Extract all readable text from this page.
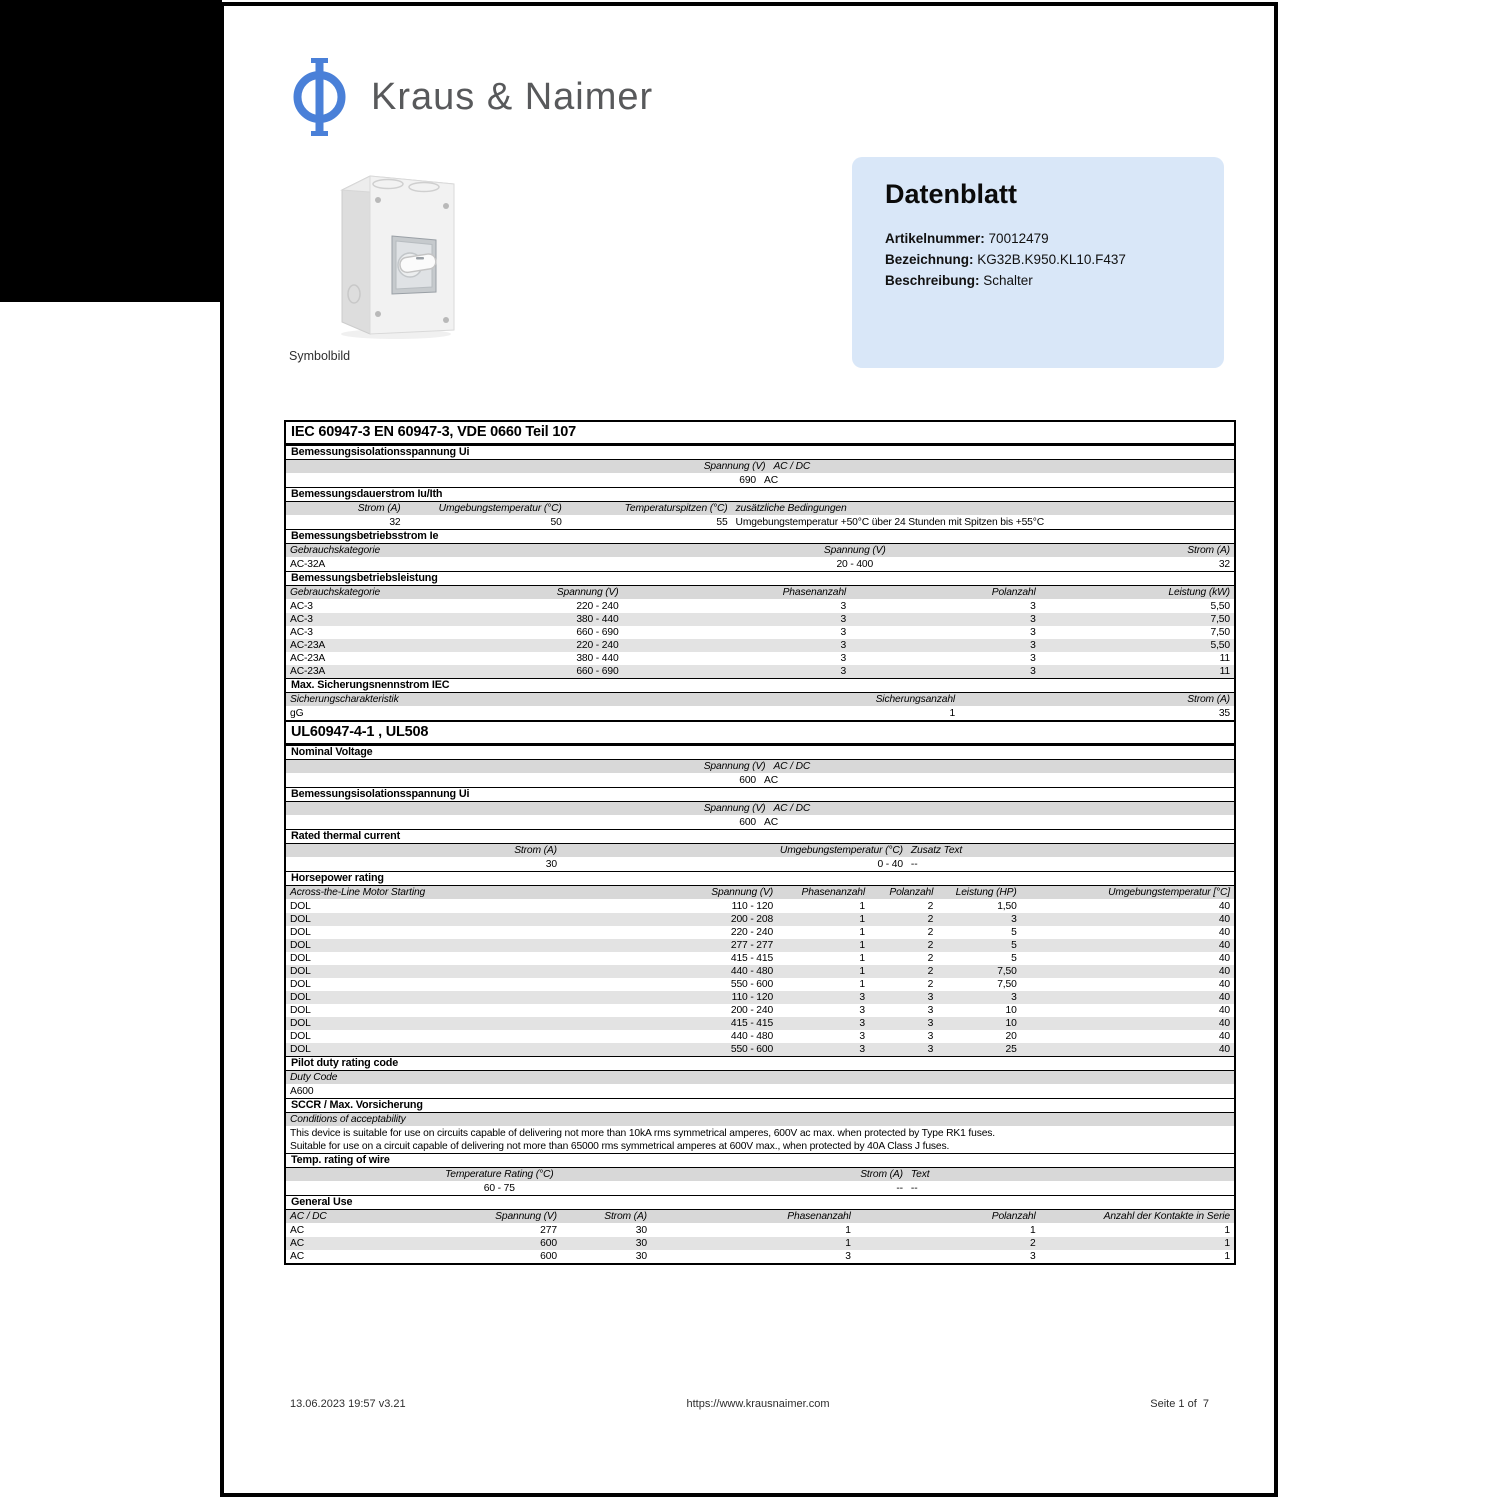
Kraus & Naimer
Symbolbild
Datenblatt
Artikelnummer: 70012479
Bezeichnung: KG32B.K950.KL10.F437
Beschreibung: Schalter
IEC 60947-3 EN 60947-3, VDE 0660 Teil 107
Bemessungsisolationsspannung Ui
Spannung (V) AC / DC
690 AC
Bemessungsdauerstrom Iu/Ith
Strom (A)	Umgebungstemperatur (°C)	Temperaturspitzen (°C) zusätzliche Bedingungen
32	50	55 Umgebungstemperatur +50°C über 24 Stunden mit Spitzen bis +55°C
Bemessungsbetriebsstrom Ie
Gebrauchskategorie	Spannung (V)	Strom (A)
AC-32A	20 - 400	32
Bemessungsbetriebsleistung
Gebrauchskategorie	Spannung (V)	Phasenanzahl	Polanzahl	Leistung (kW)
AC-3	220 - 240	3	3	5,50
AC-3	380 - 440	3	3	7,50
AC-3	660 - 690	3	3	7,50
AC-23A	220 - 240	3	3	5,50
AC-23A	380 - 440	3	3	11
AC-23A	660 - 690	3	3	11
Max. Sicherungsnennstrom IEC
Sicherungscharakteristik	Sicherungsanzahl	Strom (A)
gG	1	35
UL60947-4-1 , UL508
Nominal Voltage
Spannung (V) AC / DC
600 AC
Bemessungsisolationsspannung Ui
Spannung (V) AC / DC
600 AC
Rated thermal current
Strom (A)	Umgebungstemperatur (°C) Zusatz Text
30	0 - 40 --
Horsepower rating
Across-the-Line Motor Starting	Spannung (V)	Phasenanzahl	Polanzahl	Leistung (HP)	Umgebungstemperatur [°C]
DOL	110 - 120	1	2	1,50	40
DOL	200 - 208	1	2	3	40
DOL	220 - 240	1	2	5	40
DOL	277 - 277	1	2	5	40
DOL	415 - 415	1	2	5	40
DOL	440 - 480	1	2	7,50	40
DOL	550 - 600	1	2	7,50	40
DOL	110 - 120	3	3	3	40
DOL	200 - 240	3	3	10	40
DOL	415 - 415	3	3	10	40
DOL	440 - 480	3	3	20	40
DOL	550 - 600	3	3	25	40
Pilot duty rating code
Duty Code
A600
SCCR / Max. Vorsicherung
Conditions of acceptability
This device is suitable for use on circuits capable of delivering not more than 10kA rms symmetrical amperes, 600V ac max. when protected by Type RK1 fuses.
Suitable for use on a circuit capable of delivering not more than 65000 rms symmetrical amperes at 600V max., when protected by 40A Class J fuses.
Temp. rating of wire
Temperature Rating (°C)	Strom (A) Text
60 - 75	-- --
General Use
AC / DC	Spannung (V)	Strom (A)	Phasenanzahl	Polanzahl	Anzahl der Kontakte in Serie
AC	277	30	1	1	1
AC	600	30	1	2	1
AC	600	30	3	3	1
13.06.2023 19:57 v3.21	https://www.krausnaimer.com	Seite 1 of  7
